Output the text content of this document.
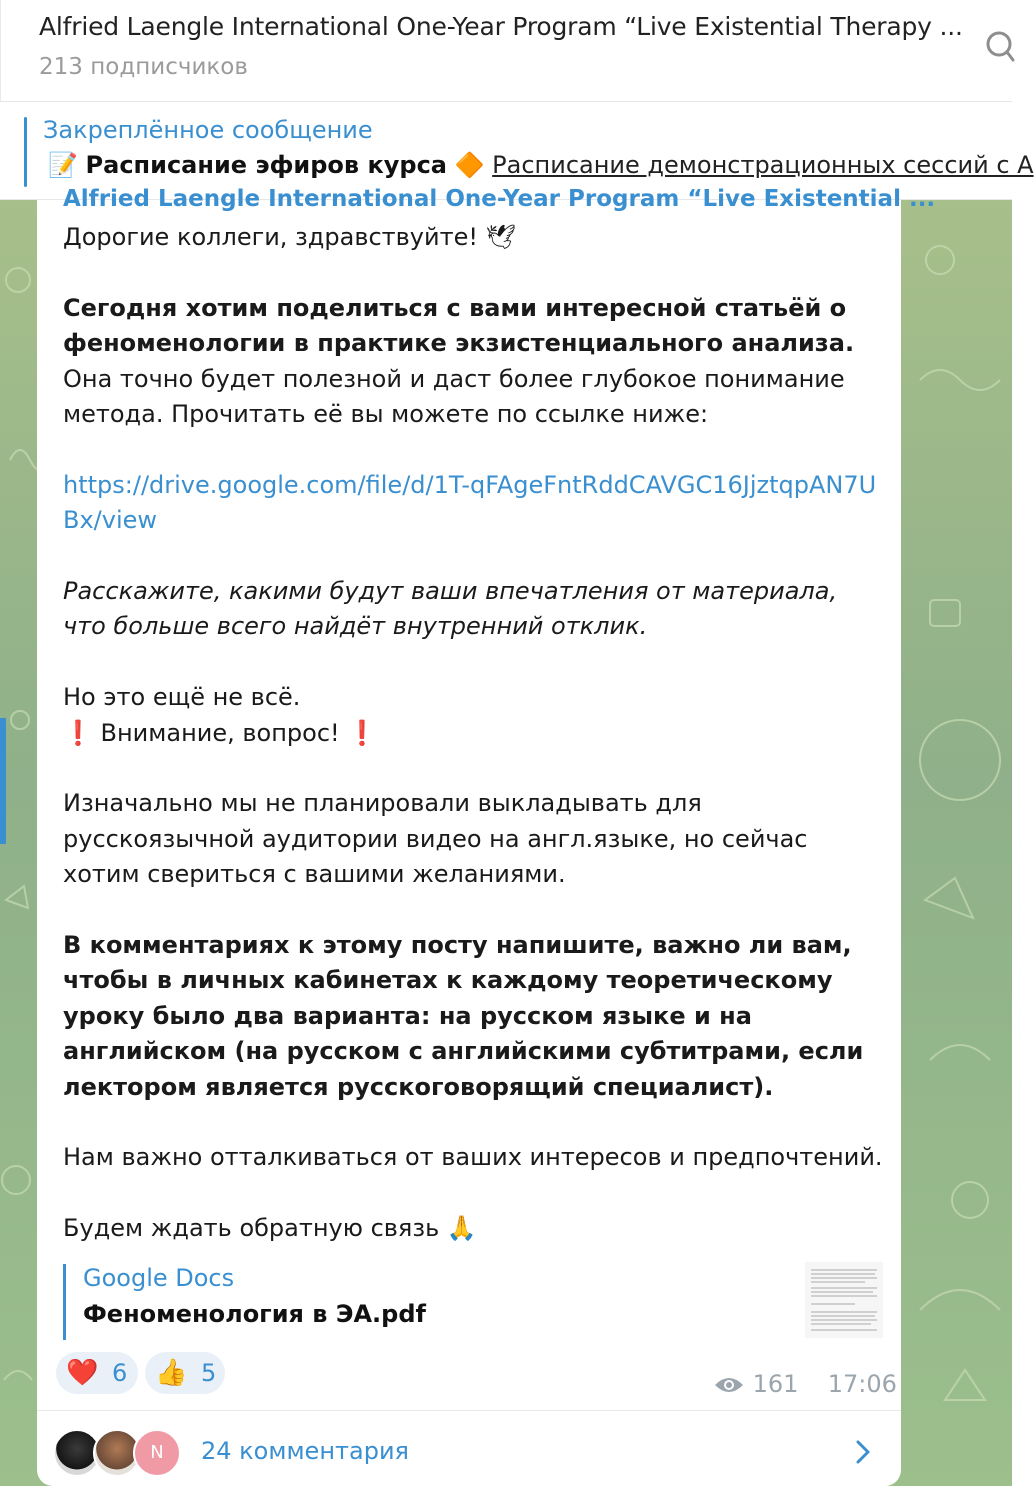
Alfried Laengle International One-Year Program “Live Existential Therapy ...
213 подписчиков
Закреплённое сообщение
📝 Расписание эфиров курса 🔶 Расписание демонстрационных сессий с А
Alfried Laengle International One-Year Program “Live Existential ...

Дорогие коллеги, здравствуйте! 🕊

Сегодня хотим поделиться с вами интересной статьёй о феноменологии в практике экзистенциального анализа. Она точно будет полезной и даст более глубокое понимание метода. Прочитать её вы можете по ссылке ниже:

https://drive.google.com/file/d/1T-qFAgeFntRddCAVGC16JjztqpAN7UBx/view

Расскажите, какими будут ваши впечатления от материала, что больше всего найдёт внутренний отклик.

Но это ещё не всё.

❗ Внимание, вопрос! ❗

Изначально мы не планировали выкладывать для русскоязычной аудитории видео на англ.языке, но сейчас хотим свериться с вашими желаниями.

В комментариях к этому посту напишите, важно ли вам, чтобы в личных кабинетах к каждому теоретическому уроку было два варианта: на русском языке и на английском (на русском с английскими субтитрами, если лектором является русскоговорящий специалист).

Нам важно отталкиваться от ваших интересов и предпочтений.

Будем ждать обратную связь 🙏

Google Docs
Феноменология в ЭА.pdf
❤️ 6 👍 5	161 17:06
N	24 комментария
